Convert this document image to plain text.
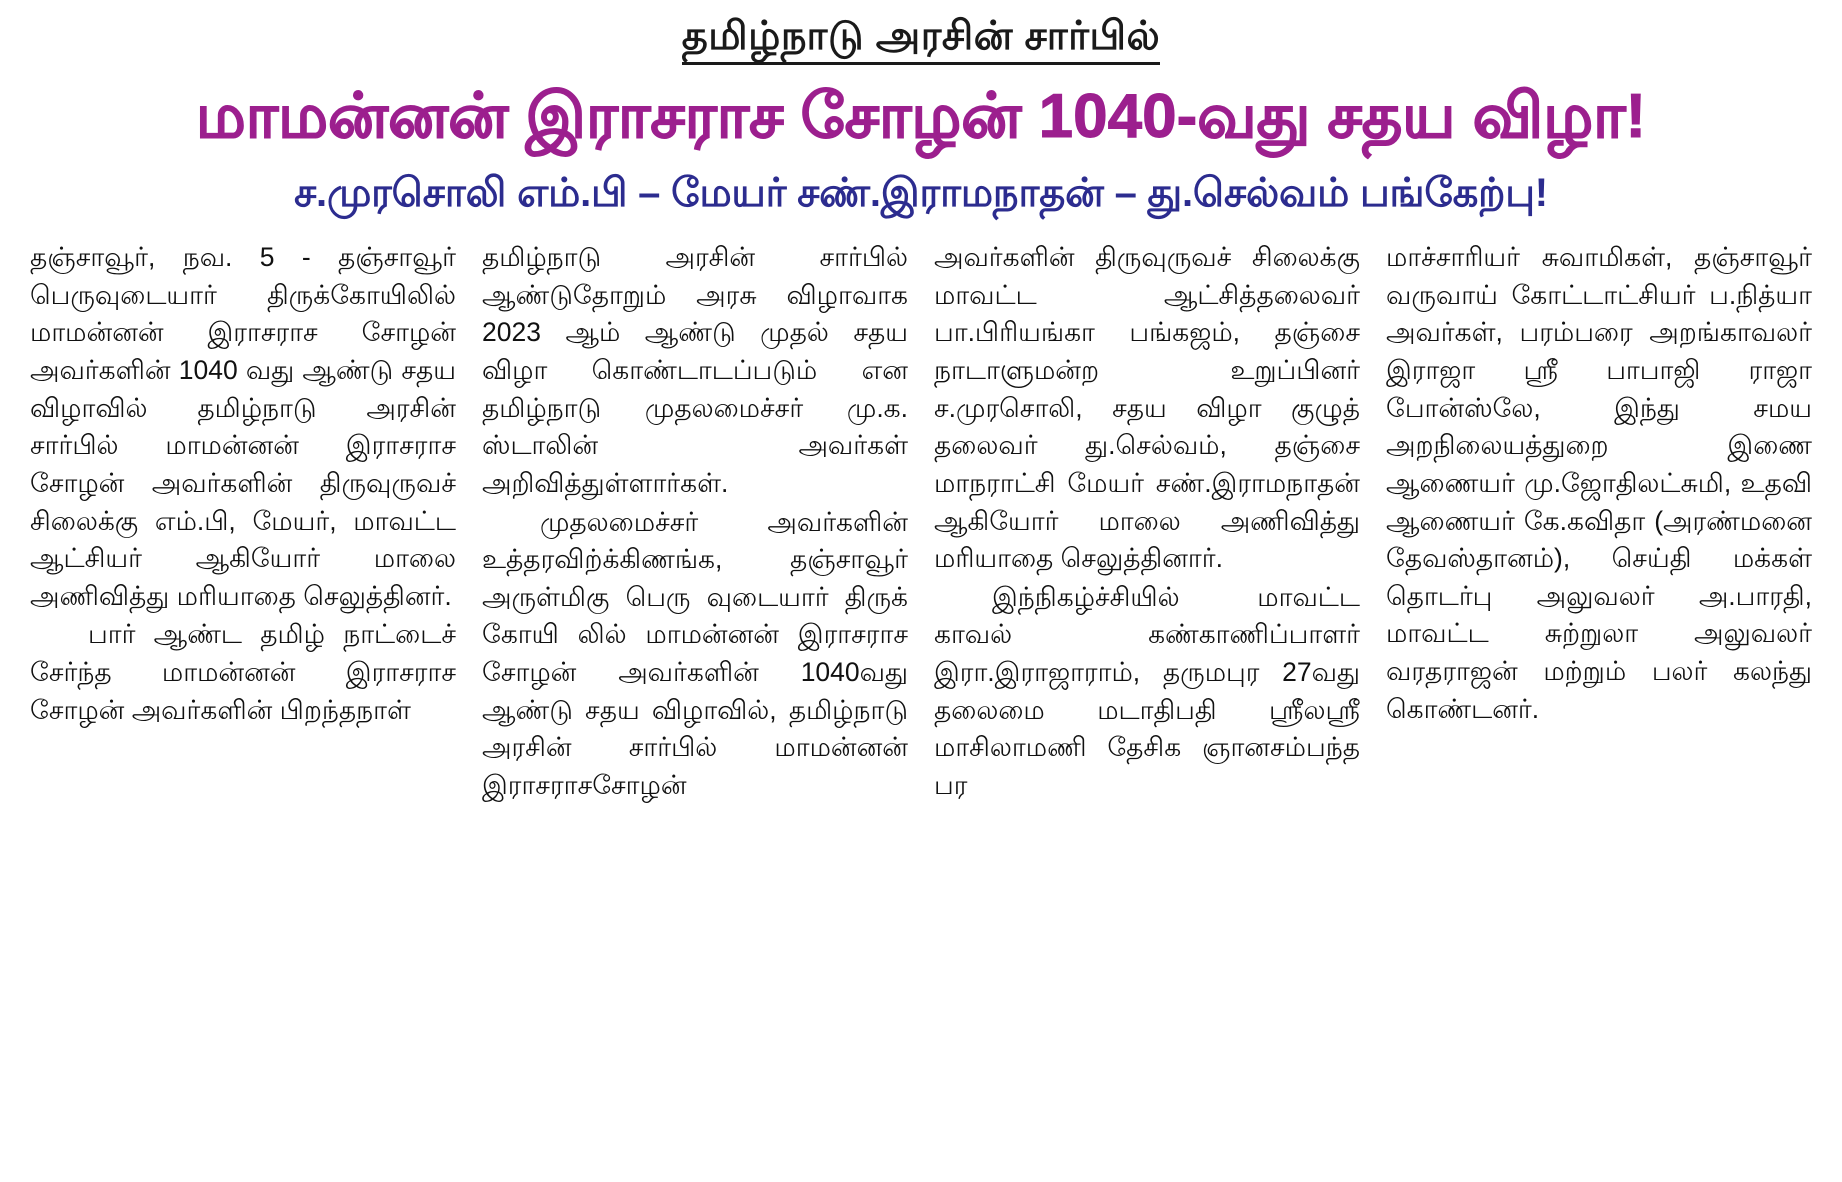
தமிழ்நாடு அரசின் சார்பில்
மாமன்னன் இராசராச சோழன் 1040-வது சதய விழா!
ச.முரசொலி எம்.பி – மேயர் சண்.இராமநாதன் – து.செல்வம் பங்கேற்பு!

தஞ்சாவூர், நவ. 5 - தஞ்சாவூர் பெருவுடையார் திருக்கோயிலில் மாமன்னன் இராசராச சோழன் அவர்களின் 1040 வது ஆண்டு சதய விழாவில் தமிழ்நாடு அரசின் சார்பில் மாமன்னன் இராசராச சோழன் அவர்களின் திருவுருவச் சிலைக்கு எம்.பி, மேயர், மாவட்ட ஆட்சியர் ஆகியோர் மாலை அணிவித்து மரியாதை செலுத்தினர்.

பார் ஆண்ட தமிழ் நாட்டைச் சேர்ந்த மாமன்னன் இராசராச சோழன் அவர்களின் பிறந்தநாள்

தமிழ்நாடு அரசின் சார்பில் ஆண்டுதோறும் அரசு விழாவாக 2023 ஆம் ஆண்டு முதல் சதய விழா கொண்டாடப்படும் என தமிழ்நாடு முதலமைச்சர் மு.க. ஸ்டாலின் அவர்கள் அறிவித்துள்ளார்கள்.

முதலமைச்சர் அவர்களின் உத்தரவிற்க்கிணங்க, தஞ்சாவூர் அருள்மிகு பெரு வுடையார் திருக் கோயி லில் மாமன்னன் இராசராச சோழன் அவர்களின் 1040வது ஆண்டு சதய விழாவில், தமிழ்நாடு அரசின் சார்பில் மாமன்னன் இராசராசசோழன்

அவர்களின் திருவுருவச் சிலைக்கு மாவட்ட ஆட்சித்தலைவர் பா.பிரியங்கா பங்கஜம், தஞ்சை நாடாளுமன்ற உறுப்பினர் ச.முரசொலி, சதய விழா குழுத் தலைவர் து.செல்வம், தஞ்சை மாநராட்சி மேயர் சண்.இராமநாதன் ஆகியோர் மாலை அணிவித்து மரியாதை செலுத்தினார்.

இந்நிகழ்ச்சியில் மாவட்ட காவல் கண்காணிப்பாளர் இரா.இராஜாராம், தருமபுர 27வது தலைமை மடாதிபதி ஸ்ரீலஸ்ரீ மாசிலாமணி தேசிக ஞானசம்பந்த பர

மாச்சாரியர் சுவாமிகள், தஞ்சாவூர் வருவாய் கோட்டாட்சியர் ப.நித்யா அவர்கள், பரம்பரை அறங்காவலர் இராஜா ஸ்ரீ பாபாஜி ராஜா போன்ஸ்லே, இந்து சமய அறநிலையத்துறை இணை ஆணையர் மு.ஜோதிலட்சுமி, உதவி ஆணையர் கே.கவிதா (அரண்மனை தேவஸ்தானம்), செய்தி மக்கள் தொடர்பு அலுவலர் அ.பாரதி, மாவட்ட சுற்றுலா அலுவலர் வரதராஜன் மற்றும் பலர் கலந்து கொண்டனர்.
